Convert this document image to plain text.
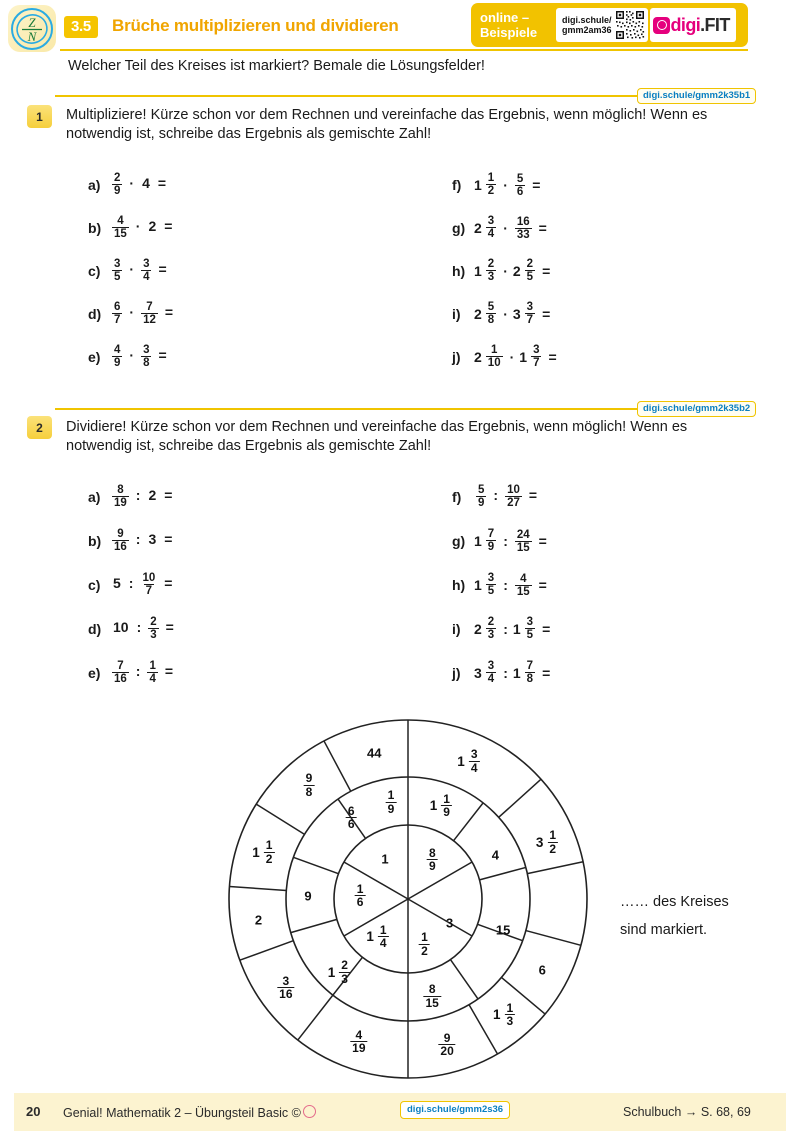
Z
N
3.5	Brüche multiplizieren und dividieren	online –
Beispiele
digi.schule/
gmm2am36	digi .FIT
Welcher Teil des Kreises ist markiert? Bemale die Lösungsfelder!
digi.schule/gmm2k35b1
1	Multipliziere! Kürze schon vor dem Rechnen und vereinfache das Ergebnis, wenn möglich! Wenn es notwendig ist, schreibe das Ergebnis als gemischte Zahl!
a)	$\frac{2}{9} \cdot 4$ =
$b) \frac{4}{15} \cdot 2$ =
c)	$\frac{3}{5} \cdot \frac{3}{4}$ =
$d) \frac{6}{7} \cdot \frac{7}{12}$ =
e)	$\frac{4}{9} \cdot \frac{3}{8}$ =
f) $1 \frac{1}{2} \cdot \frac{5}{6}$ =
g) $2 \frac{3}{4} \cdot \frac{16}{33}$ =
h) $1 \frac{2}{3} \cdot 2 \frac{2}{5}$ =
i) $2 \frac{5}{8} \cdot 3 \frac{3}{7}$ =
j) $2 \frac{1}{10} \cdot 1 \frac{3}{7}$ =
digi.schule/gmm2k35b2
2	Dividiere! Kürze schon vor dem Rechnen und vereinfache das Ergebnis, wenn möglich! Wenn es notwendig ist, schreibe das Ergebnis als gemischte Zahl!
a)	$\frac{8}{19}$ : 2 =
$b) \frac{9}{16}$ : 3 =
c) 5 : $\frac{10}{7}$ =
d) 10 : $\frac{2}{3}$ =
e)	$\frac{7}{16}$ : $\frac{1}{4}$ =
f)	$\frac{5}{9}$ : $\frac{10}{27}$ =
g) $1 \frac{7}{9}$ : $\frac{24}{15}$ =
h) $1 \frac{3}{5}$ : $\frac{4}{15}$ =
i) $2 \frac{2}{3}$ : $1 \frac{3}{5}$ =
j) $3 \frac{3}{4}$ : $1 \frac{7}{8}$ =
1
$\frac{1}{6}$
$1 \frac{1}{4}$	$\frac{1}{2}$
3
$\frac{8}{9}$
$\frac{1}{9}$
$\frac{6}{6}$
9
$1 \frac{2}{3}$
$\frac{8}{15}$
15
4
$1 \frac{1}{9}$
44
$\frac{9}{8}$
$1 \frac{1}{2}$
2
$\frac{3}{16}$
$\frac{4}{19}$	$\frac{9}{20}$
$1 \frac{1}{3}$
6
$3 \frac{1}{2}$
$1 \frac{3}{4}$
…… des Kreises
sind markiert.
20 Genial! Mathematik 2 – Übungsteil Basic ©	digi.schule/gmm2s36	Schulbuch → S. 68, 69
